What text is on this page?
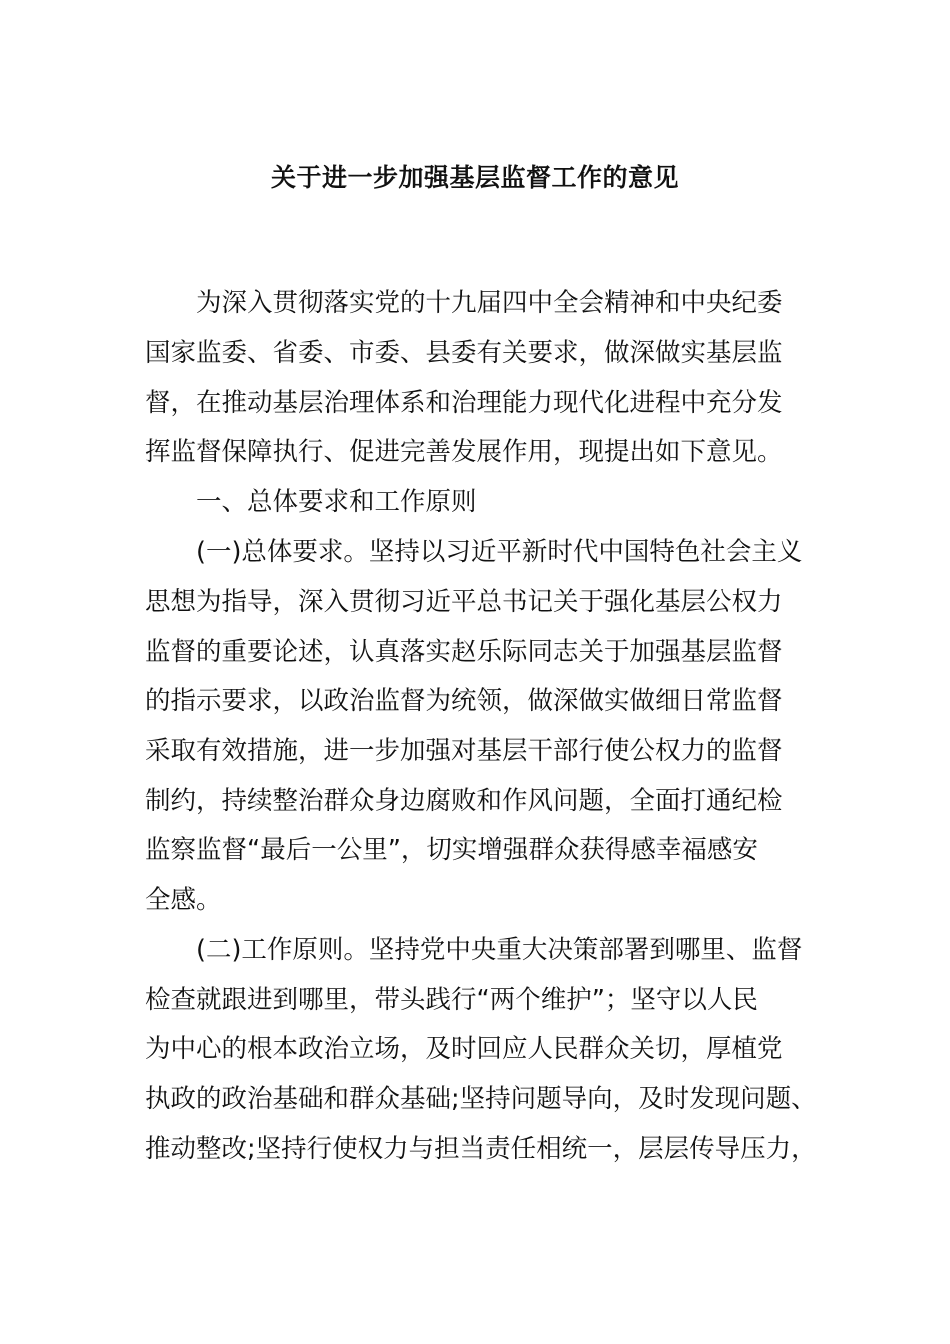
关于进一步加强基层监督工作的意见
为深入贯彻落实党的十九届四中全会精神和中央纪委
国家监委、省委、市委、县委有关要求，做深做实基层监
督，在推动基层治理体系和治理能力现代化进程中充分发
挥监督保障执行、促进完善发展作用，现提出如下意见。
一、总体要求和工作原则
(一)总体要求。坚持以习近平新时代中国特色社会主义
思想为指导，深入贯彻习近平总书记关于强化基层公权力
监督的重要论述，认真落实赵乐际同志关于加强基层监督
的指示要求，以政治监督为统领，做深做实做细日常监督
采取有效措施，进一步加强对基层干部行使公权力的监督
制约，持续整治群众身边腐败和作风问题，全面打通纪检
监察监督“最后一公里”，切实增强群众获得感幸福感安
全感。
(二)工作原则。坚持党中央重大决策部署到哪里、监督
检查就跟进到哪里，带头践行“两个维护”；坚守以人民
为中心的根本政治立场，及时回应人民群众关切，厚植党
执政的政治基础和群众基础;坚持问题导向，及时发现问题、
推动整改;坚持行使权力与担当责任相统一，层层传导压力，
